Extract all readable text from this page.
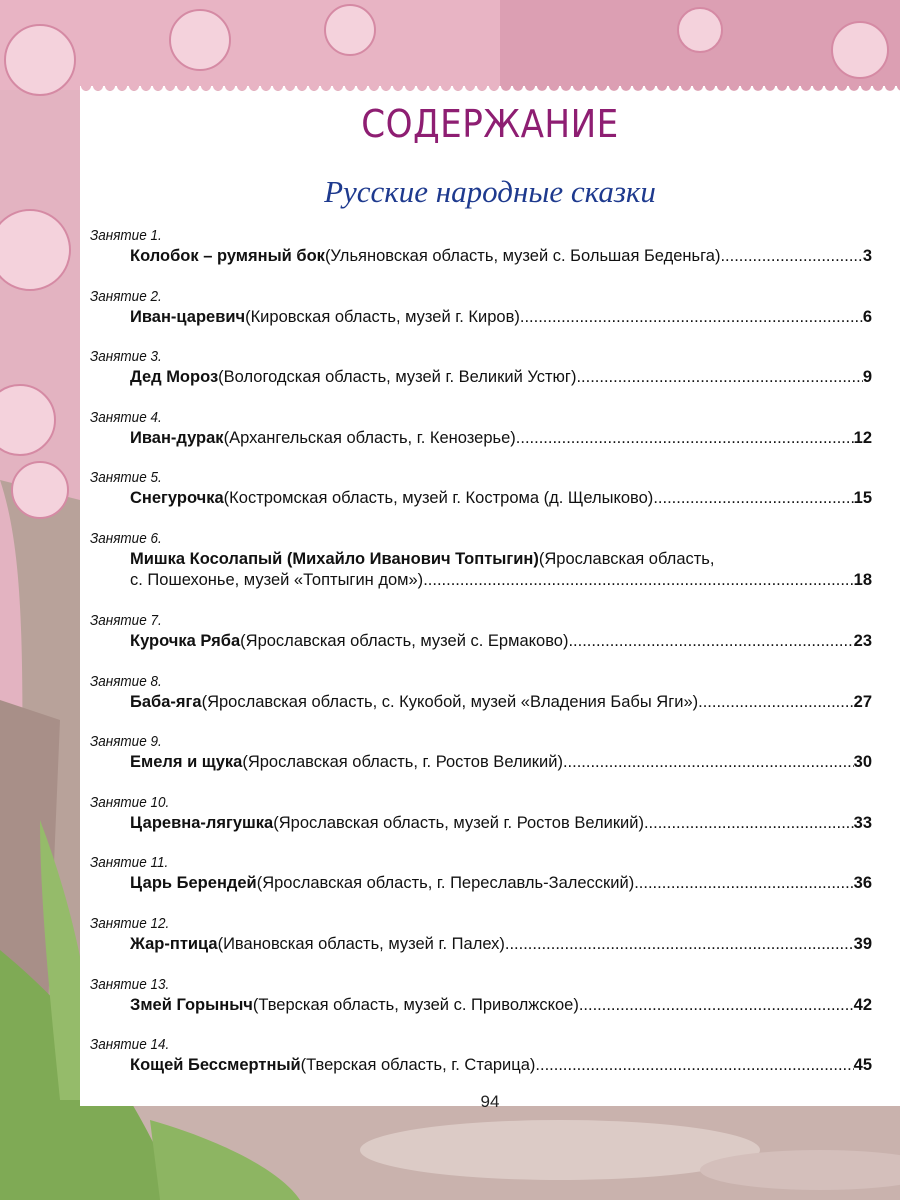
СОДЕРЖАНИЕ
Русские народные сказки
Занятие 1.
Колобок – румяный бок (Ульяновская область, музей с. Большая Беденьга) .....	3
Занятие 2.
Иван-царевич (Кировская область, музей г. Киров) .....	6
Занятие 3.
Дед Мороз (Вологодская область, музей г. Великий Устюг) .....	9
Занятие 4.
Иван-дурак (Архангельская область, г. Кенозерье) .....	12
Занятие 5.
Снегурочка (Костромская область, музей г. Кострома (д. Щелыково) .....	15
Занятие 6.
Мишка Косолапый (Михайло Иванович Топтыгин) (Ярославская область,
с. Пошехонье, музей «Топтыгин дом») .....	18
Занятие 7.
Курочка Ряба (Ярославская область, музей с. Ермаково) .....	23
Занятие 8.
Баба-яга (Ярославская область, с. Кукобой, музей «Владения Бабы Яги») .....	27
Занятие 9.
Емеля и щука (Ярославская область, г. Ростов Великий) .....	30
Занятие 10.
Царевна-лягушка (Ярославская область, музей г. Ростов Великий) .....	33
Занятие 11.
Царь Берендей (Ярославская область, г. Переславль-Залесский) .....	36
Занятие 12.
Жар-птица (Ивановская область, музей г. Палех) .....	39
Занятие 13.
Змей Горыныч (Тверская область, музей с. Приволжское) .....	42
Занятие 14.
Кощей Бессмертный (Тверская область, г. Старица) .....	45
94
